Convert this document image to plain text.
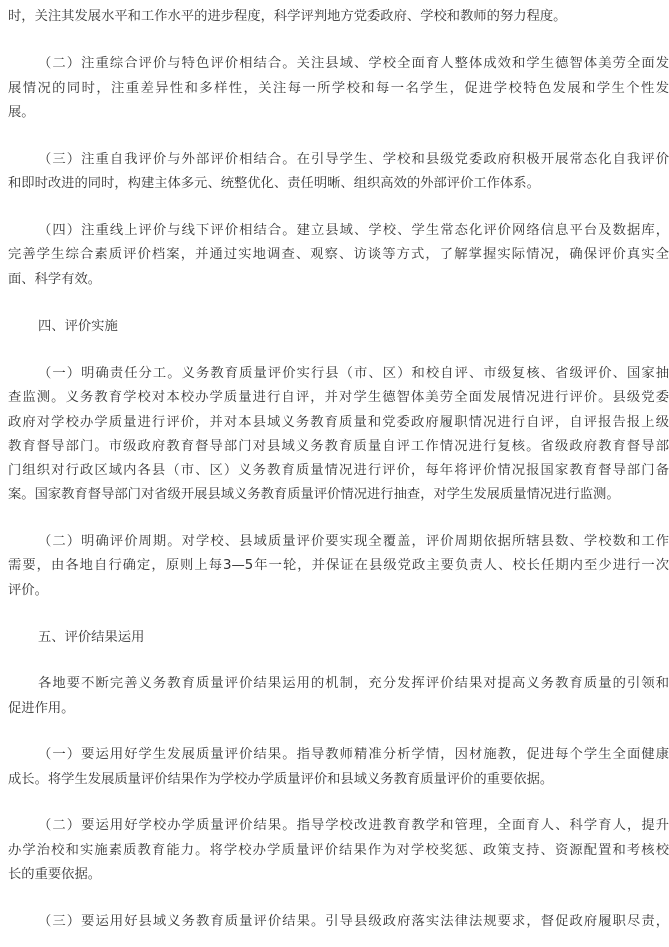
时，关注其发展水平和工作水平的进步程度，科学评判地方党委政府、学校和教师的努力程度。
（二）注重综合评价与特色评价相结合。关注县域、学校全面育人整体成效和学生德智体美劳全面发
展情况的同时，注重差异性和多样性，关注每一所学校和每一名学生，促进学校特色发展和学生个性发
展。
（三）注重自我评价与外部评价相结合。在引导学生、学校和县级党委政府积极开展常态化自我评价
和即时改进的同时，构建主体多元、统整优化、责任明晰、组织高效的外部评价工作体系。
（四）注重线上评价与线下评价相结合。建立县域、学校、学生常态化评价网络信息平台及数据库，
完善学生综合素质评价档案，并通过实地调查、观察、访谈等方式，了解掌握实际情况，确保评价真实全
面、科学有效。
四、评价实施
（一）明确责任分工。义务教育质量评价实行县（市、区）和校自评、市级复核、省级评价、国家抽
查监测。义务教育学校对本校办学质量进行自评，并对学生德智体美劳全面发展情况进行评价。县级党委
政府对学校办学质量进行评价，并对本县域义务教育质量和党委政府履职情况进行自评，自评报告报上级
教育督导部门。市级政府教育督导部门对县域义务教育质量自评工作情况进行复核。省级政府教育督导部
门组织对行政区域内各县（市、区）义务教育质量情况进行评价，每年将评价情况报国家教育督导部门备
案。国家教育督导部门对省级开展县域义务教育质量评价情况进行抽查，对学生发展质量情况进行监测。
（二）明确评价周期。对学校、县域质量评价要实现全覆盖，评价周期依据所辖县数、学校数和工作
需要，由各地自行确定，原则上每3—5年一轮，并保证在县级党政主要负责人、校长任期内至少进行一次
评价。
五、评价结果运用
各地要不断完善义务教育质量评价结果运用的机制，充分发挥评价结果对提高义务教育质量的引领和
促进作用。
（一）要运用好学生发展质量评价结果。指导教师精准分析学情，因材施教，促进每个学生全面健康
成长。将学生发展质量评价结果作为学校办学质量评价和县域义务教育质量评价的重要依据。
（二）要运用好学校办学质量评价结果。指导学校改进教育教学和管理，全面育人、科学育人，提升
办学治校和实施素质教育能力。将学校办学质量评价结果作为对学校奖惩、政策支持、资源配置和考核校
长的重要依据。
（三）要运用好县域义务教育质量评价结果。引导县级政府落实法律法规要求，督促政府履职尽责，
